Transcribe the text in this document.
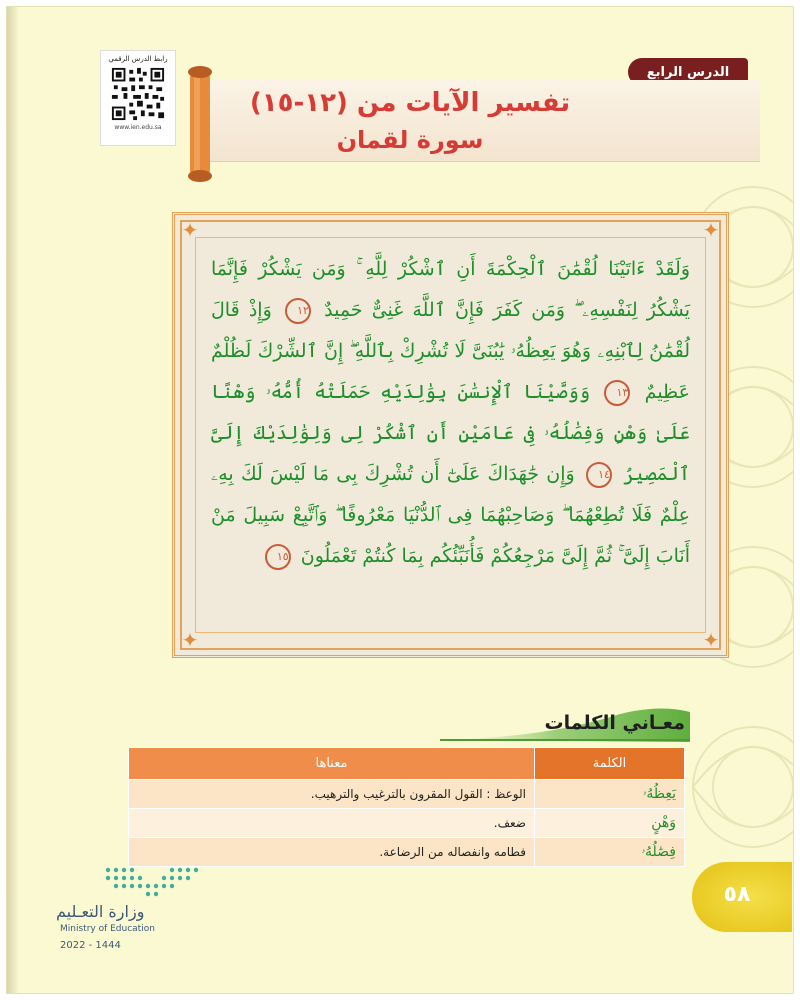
رابط الدرس الرقمي
www.ien.edu.sa
الدرس الرابع
تفسير الآيات من (١٢-١٥)
سورة لقمان
✦	✦
✦	✦
وَلَقَدْ ءَاتَيْنَا لُقْمَٰنَ ٱلْحِكْمَةَ أَنِ ٱشْكُرْ لِلَّهِ ۚ وَمَن يَشْكُرْ فَإِنَّمَا يَشْكُرُ لِنَفْسِهِۦ ۖ وَمَن كَفَرَ فَإِنَّ ٱللَّهَ غَنِىٌّ حَمِيدٌ ١٢ وَإِذْ قَالَ لُقْمَٰنُ لِٱبْنِهِۦ وَهُوَ يَعِظُهُۥ يَٰبُنَىَّ لَا تُشْرِكْ بِٱللَّهِ ۖ إِنَّ ٱلشِّرْكَ لَظُلْمٌ عَظِيمٌ ١٣ وَوَصَّيْنَا ٱلْإِنسَٰنَ بِوَٰلِدَيْهِ حَمَلَتْهُ أُمُّهُۥ وَهْنًا عَلَىٰ وَهْنٍ وَفِصَٰلُهُۥ فِى عَامَيْنِ أَنِ ٱشْكُرْ لِى وَلِوَٰلِدَيْكَ إِلَىَّ ٱلْمَصِيرُ ١٤ وَإِن جَٰهَدَاكَ عَلَىٰٓ أَن تُشْرِكَ بِى مَا لَيْسَ لَكَ بِهِۦ عِلْمٌ فَلَا تُطِعْهُمَا ۖ وَصَاحِبْهُمَا فِى ٱلدُّنْيَا مَعْرُوفًا ۖ وَٱتَّبِعْ سَبِيلَ مَنْ أَنَابَ إِلَىَّ ۚ ثُمَّ إِلَىَّ مَرْجِعُكُمْ فَأُنَبِّئُكُم بِمَا كُنتُمْ تَعْمَلُونَ ١٥
معـاني الكلمات
الكلمة	معناها
يَعِظُهُۥ	الوعظ : القول المقرون بالترغيب والترهيب.
وَهْنٍ	ضعف.
فِصَٰلُهُۥ	فطامه وانفصاله من الرضاعة.
وزارة التعـليم
Ministry of Education
2022 - 1444
٥٨
